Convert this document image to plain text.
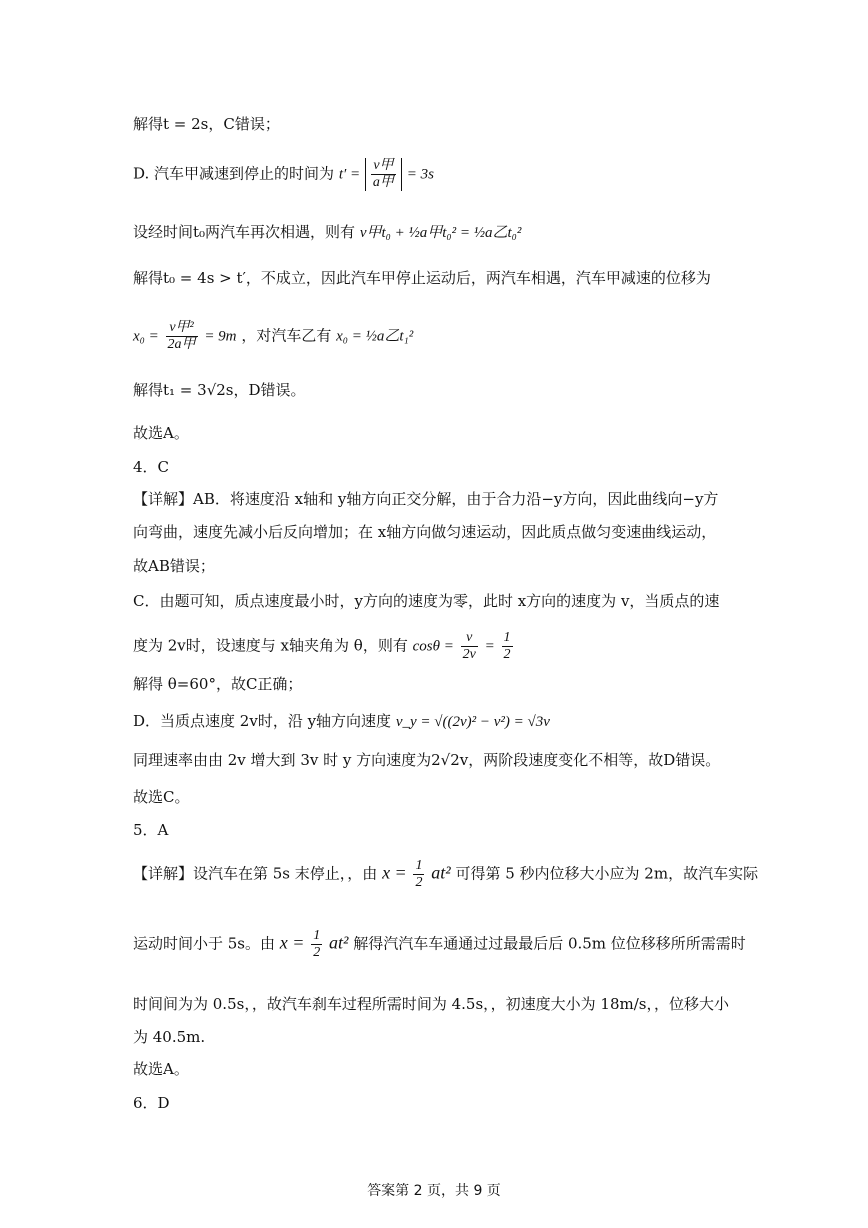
解得t = 2s，C错误；
D. 汽车甲减速到停止的时间为 $t' = \frac{\text{v甲}}{\text{a甲}} = 3s$
设经时间t₀两汽车再次相遇，则有 v甲t₀ + ½a甲t₀² = ½a乙t₀²
解得t₀ = 4s > t′，不成立，因此汽车甲停止运动后，两汽车相遇，汽车甲减速的位移为
$x_0 = \frac{\text{v甲²}}{\text{2a甲}} = 9m$ ，对汽车乙有 x₀ = ½a乙t₁²
解得t₁ = 3√2s，D错误。
故选A。
4．C
【详解】AB．将速度沿 x轴和 y轴方向正交分解，由于合力沿−y方向，因此曲线向−y方
向弯曲，速度先减小后反向增加；在 x轴方向做匀速运动，因此质点做匀变速曲线运动，
故AB错误；
C．由题可知，质点速度最小时，y方向的速度为零，此时 x方向的速度为 v，当质点的速
度为 2v时，设速度与 x轴夹角为 θ，则有 $\cos\theta = \frac{v}{2v} = \frac{1}{2}$
解得 θ=60°，故C正确；
D．当质点速度 2v时，沿 y轴方向速度 v_y = √((2v)² − v²) = √3v
同理速率由由 2v 增大到 3v 时 y 方向速度为2√2v，两阶段速度变化不相等，故D错误。
故选C。
5．A
【详解】设汽车在第 5s 末停止，，由 $x = \frac{1}{2} at^2$ 可得第 5 秒内位移大小应为 2m，故汽车实际
运动时间小于 5s。由 $x = \frac{1}{2} at^2$ 解得汽汽车车通通过过最最后后 0.5m 位位移移所所需需时
时间间为为 0.5s，，故汽车刹车过程所需时间为 4.5s，，初速度大小为 18m/s，，位移大小
为 40.5m.
故选A。
6．D
答案第 2 页，共 9 页
